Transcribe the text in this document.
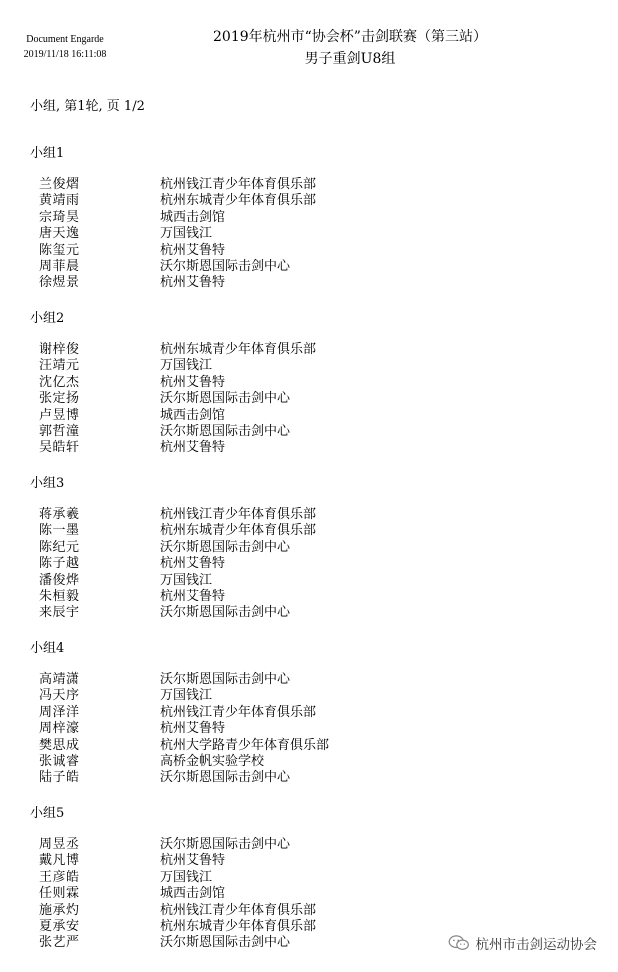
Document Engarde
2019/11/18 16:11:08
2019年杭州市“协会杯”击剑联赛（第三站）
男子重剑U8组
小组, 第1轮, 页 1/2
小组1
兰俊熠	杭州钱江青少年体育俱乐部
黄靖雨	杭州东城青少年体育俱乐部
宗琦昊	城西击剑馆
唐天逸	万国钱江
陈玺元	杭州艾鲁特
周菲晨	沃尔斯恩国际击剑中心
徐煜景	杭州艾鲁特
小组2
谢梓俊	杭州东城青少年体育俱乐部
汪靖元	万国钱江
沈亿杰	杭州艾鲁特
张定扬	沃尔斯恩国际击剑中心
卢昱博	城西击剑馆
郭哲潼	沃尔斯恩国际击剑中心
吴皓轩	杭州艾鲁特
小组3
蒋承羲	杭州钱江青少年体育俱乐部
陈一墨	杭州东城青少年体育俱乐部
陈纪元	沃尔斯恩国际击剑中心
陈子越	杭州艾鲁特
潘俊烨	万国钱江
朱桓毅	杭州艾鲁特
来辰宇	沃尔斯恩国际击剑中心
小组4
高靖潇	沃尔斯恩国际击剑中心
冯天序	万国钱江
周泽洋	杭州钱江青少年体育俱乐部
周梓濠	杭州艾鲁特
樊思成	杭州大学路青少年体育俱乐部
张诚睿	高桥金帆实验学校
陆子皓	沃尔斯恩国际击剑中心
小组5
周昱丞	沃尔斯恩国际击剑中心
戴凡博	杭州艾鲁特
王彦皓	万国钱江
任则霖	城西击剑馆
施承灼	杭州钱江青少年体育俱乐部
夏承安	杭州东城青少年体育俱乐部
张艺严	沃尔斯恩国际击剑中心	杭州市击剑运动协会
